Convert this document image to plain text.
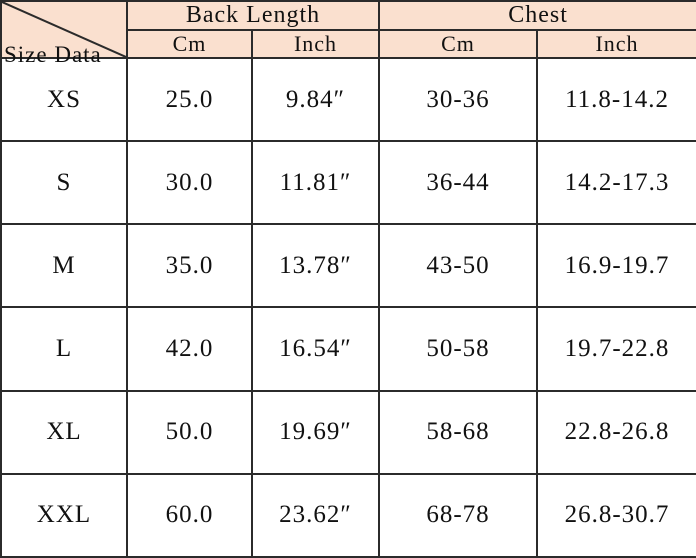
Size Data	Back Length		Chest	
	Cm	Inch	Cm	Inch
XS	25.0	9.84″	30-36	11.8-14.2
S	30.0	11.81″	36-44	14.2-17.3
M	35.0	13.78″	43-50	16.9-19.7
L	42.0	16.54″	50-58	19.7-22.8
XL	50.0	19.69″	58-68	22.8-26.8
XXL	60.0	23.62″	68-78	26.8-30.7
